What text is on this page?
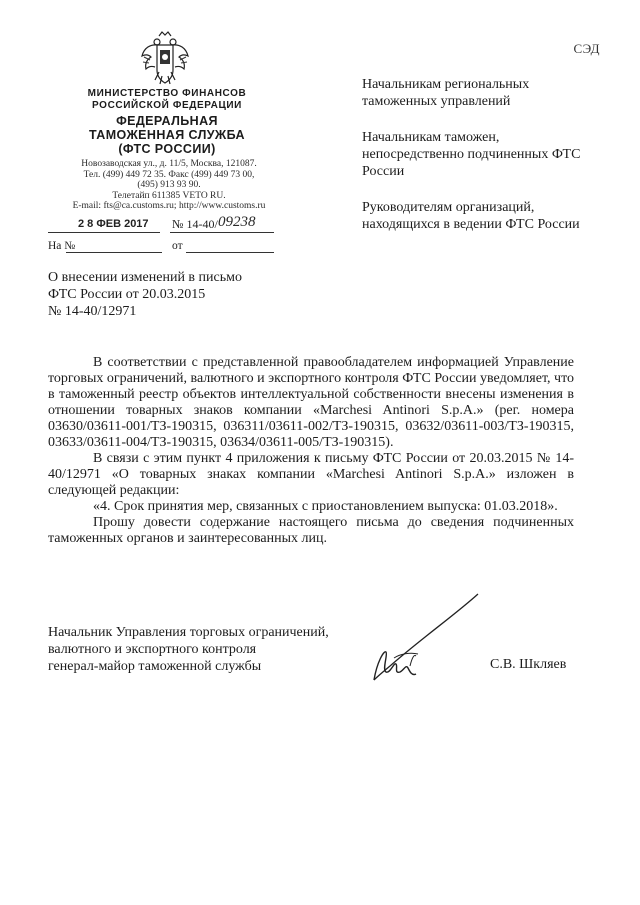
СЭД
МИНИСТЕРСТВО ФИНАНСОВ
РОССИЙСКОЙ ФЕДЕРАЦИИ
ФЕДЕРАЛЬНАЯ
ТАМОЖЕННАЯ СЛУЖБА
(ФТС РОССИИ)
Новозаводская ул., д. 11/5, Москва, 121087.
Тел. (499) 449 72 35. Факс (499) 449 73 00,
(495) 913 93 90.
Телетайп 611385 VETO RU.
E-mail: fts@ca.customs.ru; http://www.customs.ru
2 8 ФЕВ 2017 № 14-40/ 09238
На №	от

Начальникам региональных таможенных управлений

Начальникам таможен, непосредственно подчиненных ФТС России

Руководителям организаций, находящихся в ведении ФТС России

О внесении изменений в письмо
ФТС России от 20.03.2015
№ 14-40/12971

В соответствии с представленной правообладателем информацией Управление торговых ограничений, валютного и экспортного контроля ФТС России уведомляет, что в таможенный реестр объектов интеллектуальной собственности внесены изменения в отношении товарных знаков компании «Marchesi Antinori S.p.A.» (рег. номера 03630/03611-001/ТЗ-190315, 036311/03611-002/ТЗ-190315, 03632/03611-003/ТЗ-190315, 03633/03611-004/ТЗ-190315, 03634/03611-005/ТЗ-190315).

В связи с этим пункт 4 приложения к письму ФТС России от 20.03.2015 № 14-40/12971 «О товарных знаках компании «Marchesi Antinori S.p.A.» изложен в следующей редакции:

«4. Срок принятия мер, связанных с приостановлением выпуска: 01.03.2018».

Прошу довести содержание настоящего письма до сведения подчиненных таможенных органов и заинтересованных лиц.

Начальник Управления торговых ограничений,
валютного и экспортного контроля
генерал-майор таможенной службы	С.В. Шкляев
